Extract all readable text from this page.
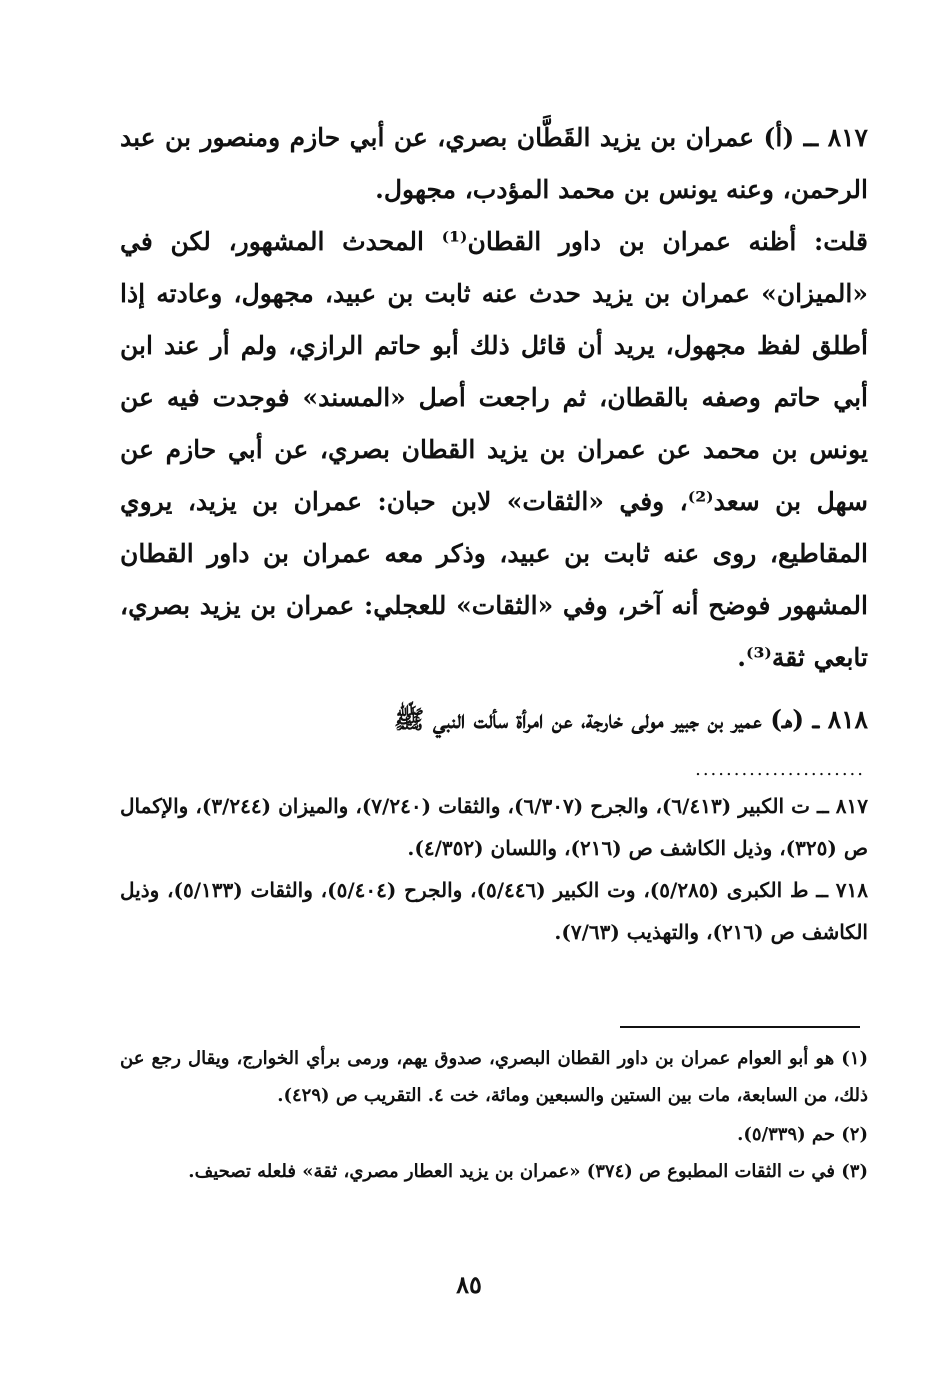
٨١٧ ــ (أ) عمران بن يزيد القَطَّان بصري، عن أبي حازم ومنصور بن عبد الرحمن، وعنه يونس بن محمد المؤدب، مجهول.

قلت: أظنه عمران بن داور القطان⁽¹⁾ المحدث المشهور، لكن في «الميزان» عمران بن يزيد حدث عنه ثابت بن عبيد، مجهول، وعادته إذا أطلق لفظ مجهول، يريد أن قائل ذلك أبو حاتم الرازي، ولم أر عند ابن أبي حاتم وصفه بالقطان، ثم راجعت أصل «المسند» فوجدت فيه عن يونس بن محمد عن عمران بن يزيد القطان بصري، عن أبي حازم عن سهل بن سعد⁽²⁾، وفي «الثقات» لابن حبان: عمران بن يزيد، يروي المقاطيع، روى عنه ثابت بن عبيد، وذكر معه عمران بن داور القطان المشهور فوضح أنه آخر، وفي «الثقات» للعجلي: عمران بن يزيد بصري، تابعي ثقة⁽³⁾.

٨١٨ ــ (هـ) عمير بن جبير مولى خارجة، عن امرأة سألت النبي ﷺ

......................

٨١٧ ــ ت الكبير (٦/٤١٣)، والجرح (٦/٣٠٧)، والثقات (٧/٢٤٠)، والميزان (٣/٢٤٤)، والإكمال ص (٣٢٥)، وذيل الكاشف ص (٢١٦)، واللسان (٤/٣٥٢).

٧١٨ ــ ط الكبرى (٥/٢٨٥)، وت الكبير (٥/٤٤٦)، والجرح (٥/٤٠٤)، والثقات (٥/١٣٣)، وذيل الكاشف ص (٢١٦)، والتهذيب (٧/٦٣).

(١) هو أبو العوام عمران بن داور القطان البصري، صدوق يهم، ورمى برأي الخوارج، ويقال رجع عن ذلك، من السابعة، مات بين الستين والسبعين ومائة، خت ٤. التقريب ص (٤٢٩).

(٢) حم (٥/٣٣٩).

(٣) في ت الثقات المطبوع ص (٣٧٤) «عمران بن يزيد العطار مصري، ثقة» فلعله تصحيف.

٨٥
